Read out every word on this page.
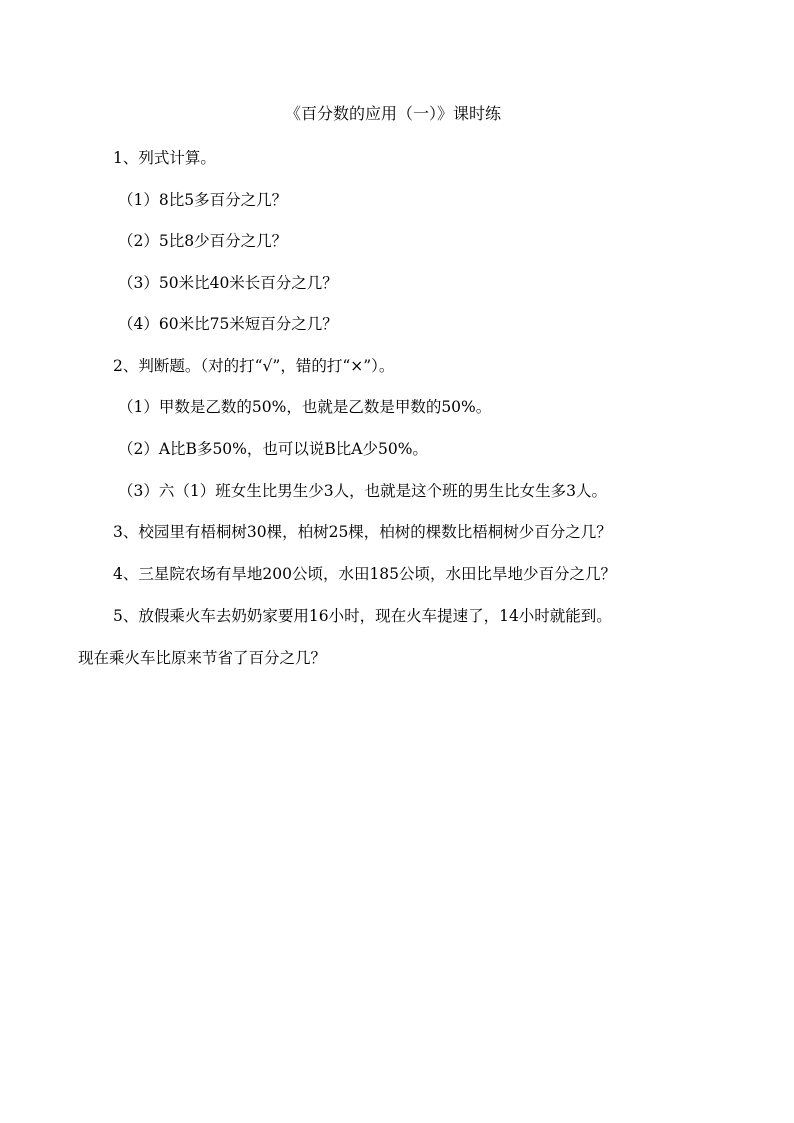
《百分数的应用（一）》课时练
1、列式计算。
（1）8比5多百分之几？
（2）5比8少百分之几？
（3）50米比40米长百分之几？
（4）60米比75米短百分之几？
2、判断题。（对的打“√”，错的打“×”）。
（1）甲数是乙数的50%，也就是乙数是甲数的50%。
（2）A比B多50%，也可以说B比A少50%。
（3）六（1）班女生比男生少3人，也就是这个班的男生比女生多3人。
3、校园里有梧桐树30棵，柏树25棵，柏树的棵数比梧桐树少百分之几？
4、三星院农场有旱地200公顷，水田185公顷，水田比旱地少百分之几？
5、放假乘火车去奶奶家要用16小时，现在火车提速了，14小时就能到。
现在乘火车比原来节省了百分之几？
